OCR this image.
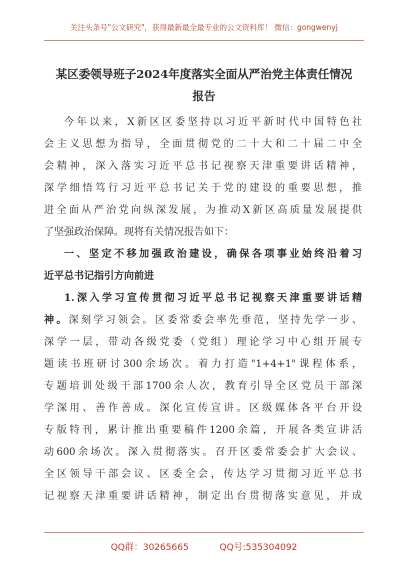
关注头条号"公文研究"，获得最新最全最专业的公文资料库！ 微信：gongwenyj
某区委领导班子2024年度落实全面从严治党主体责任情况
报告
今年以来，X新区区委坚持以习近平新时代中国特色社
会主义思想为指导，全面贯彻党的二十大和二十届二中全
会精神，深入落实习近平总书记视察天津重要讲话精神，
深学细悟笃行习近平总书记关于党的建设的重要思想，推
进全面从严治党向纵深发展，为推动X新区高质量发展提供
了坚强政治保障。现将有关情况报告如下：
一、坚定不移加强政治建设，确保各项事业始终沿着习
近平总书记指引方向前进
1.深入学习宣传贯彻习近平总书记视察天津重要讲话精
神。深刻学习领会。区委常委会率先垂范，坚持先学一步、
深学一层，带动各级党委（党组）理论学习中心组开展专
题读书班研讨300余场次。着力打造"1+4+1"课程体系，
专题培训处级干部1700余人次，教育引导全区党员干部深
学深用、善作善成。深化宣传宣讲。区级媒体各平台开设
专版特刊，累计推出重要稿件1200余篇，开展各类宣讲活
动600余场次。深入贯彻落实。召开区委常委会扩大会议、
全区领导干部会议、区委全会，传达学习贯彻习近平总书
记视察天津重要讲话精神，制定出台贯彻落实意见，并成
QQ群：30265665	QQ号:535304092
